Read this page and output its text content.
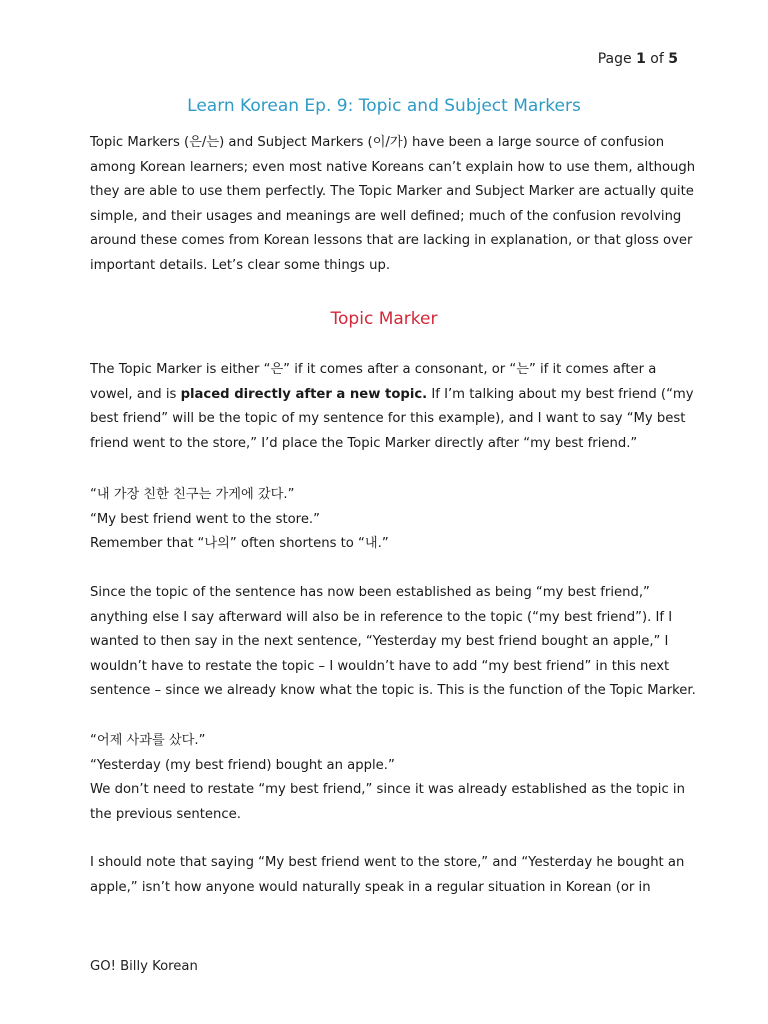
Page 1 of 5
Learn Korean Ep. 9: Topic and Subject Markers

Topic Markers (은/는) and Subject Markers (이/가) have been a large source of confusion
among Korean learners; even most native Koreans can’t explain how to use them, although
they are able to use them perfectly. The Topic Marker and Subject Marker are actually quite
simple, and their usages and meanings are well defined; much of the confusion revolving
around these comes from Korean lessons that are lacking in explanation, or that gloss over
important details. Let’s clear some things up.

Topic Marker

The Topic Marker is either “은” if it comes after a consonant, or “는” if it comes after a
vowel, and is placed directly after a new topic. If I’m talking about my best friend (“my
best friend” will be the topic of my sentence for this example), and I want to say “My best
friend went to the store,” I’d place the Topic Marker directly after “my best friend.”

“내 가장 친한 친구는 가게에 갔다.”
“My best friend went to the store.”
Remember that “나의” often shortens to “내.”

Since the topic of the sentence has now been established as being “my best friend,”
anything else I say afterward will also be in reference to the topic (“my best friend”). If I
wanted to then say in the next sentence, “Yesterday my best friend bought an apple,” I
wouldn’t have to restate the topic – I wouldn’t have to add “my best friend” in this next
sentence – since we already know what the topic is. This is the function of the Topic Marker.

“어제 사과를 샀다.”
“Yesterday (my best friend) bought an apple.”
We don’t need to restate “my best friend,” since it was already established as the topic in
the previous sentence.

I should note that saying “My best friend went to the store,” and “Yesterday he bought an
apple,” isn’t how anyone would naturally speak in a regular situation in Korean (or in

GO! Billy Korean
